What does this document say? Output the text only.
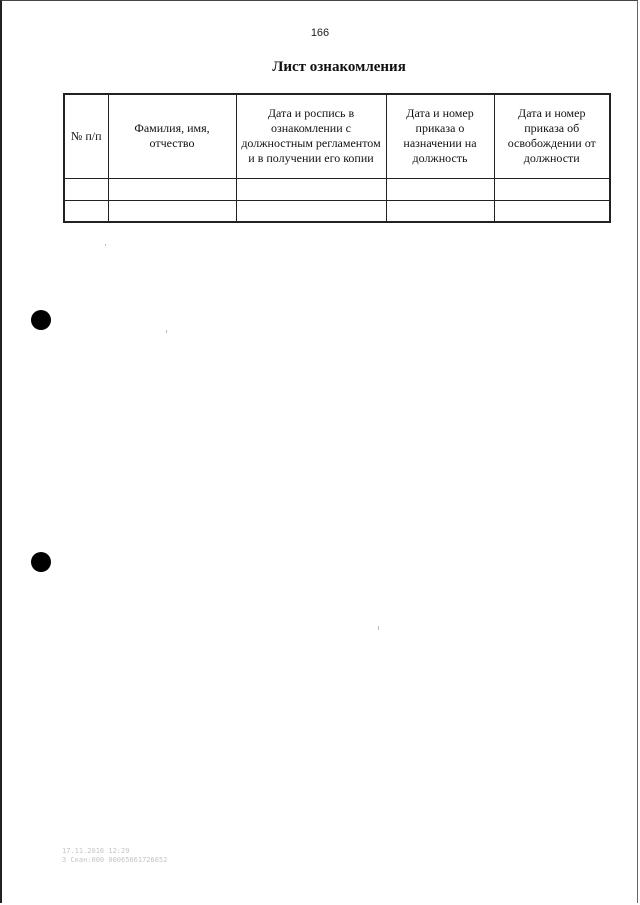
166
Лист ознакомления
№ п/п	Фамилия, имя, отчество	Дата и роспись в ознакомлении с должностным регламентом и в получении его копии	Дата и номер приказа о назначении на должность	Дата и номер приказа об освобождении от должности

17.11.2016 12:29
3 Скан:000 00065661726652
